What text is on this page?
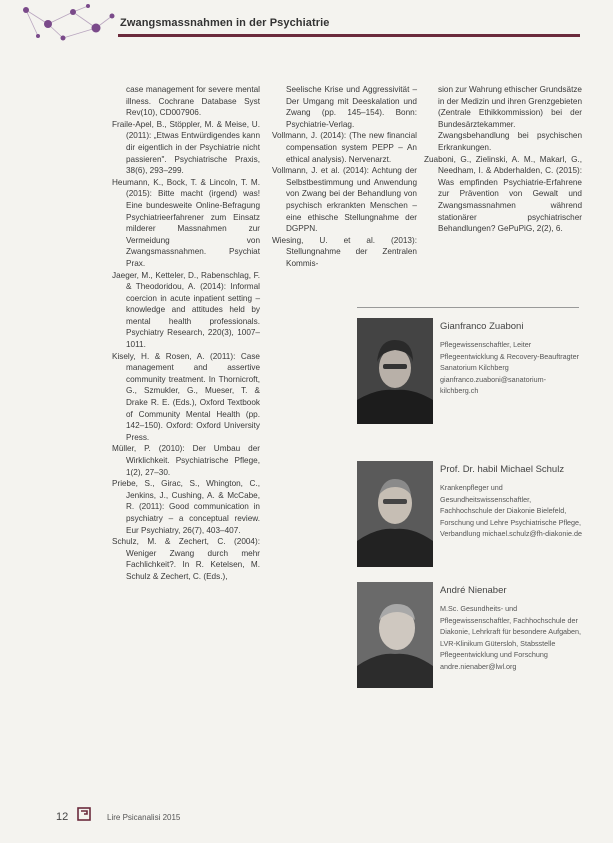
Zwangsmassnahmen in der Psychiatrie

case management for severe mental illness. Cochrane Database Syst Rev(10), CD007906.

Fraile-Apel, B., Stöppler, M. & Meise, U. (2011): „Etwas Entwürdigendes kann dir eigentlich in der Psychiatrie nicht passieren". Psychiatrische Praxis, 38(6), 293–299.

Heumann, K., Bock, T. & Lincoln, T. M. (2015): Bitte macht (irgend) was! Eine bundesweite Online-Befragung Psychiatrieerfahrener zum Einsatz milderer Massnahmen zur Vermeidung von Zwangsmassnahmen. Psychiat Prax.

Jaeger, M., Ketteler, D., Rabenschlag, F. & Theodoridou, A. (2014): Informal coercion in acute inpatient setting – knowledge and attitudes held by mental health professionals. Psychiatry Research, 220(3), 1007–1011.

Kisely, H. & Rosen, A. (2011): Case management and assertive community treatment. In Thornicroft, G., Szmukler, G., Mueser, T. & Drake R. E. (Eds.), Oxford Textbook of Community Mental Health (pp. 142–150). Oxford: Oxford University Press.

Müller, P. (2010): Der Umbau der Wirklichkeit. Psychiatrische Pflege, 1(2), 27–30.

Priebe, S., Giraс, S., Whington, C., Jenkins, J., Cushing, A. & McCabe, R. (2011): Good communication in psychiatry – a conceptual review. Eur Psychiatry, 26(7), 403–407.

Schulz, M. & Zechert, C. (2004): Weniger Zwang durch mehr Fachlichkeit?. In R. Ketelsen, M. Schulz & Zechert, C. (Eds.),

Seelische Krise und Aggressivität – Der Umgang mit Deeskalation und Zwang (pp. 145–154). Bonn: Psychiatrie-Verlag.

Vollmann, J. (2014): (The new financial compensation system PEPP – An ethical analysis). Nervenarzt.

Vollmann, J. et al. (2014): Achtung der Selbstbestimmung und Anwendung von Zwang bei der Behandlung von psychisch erkrankten Menschen – eine ethische Stellungnahme der DGPPN.

Wiesing, U. et al. (2013): Stellungnahme der Zentralen Kommis-

sion zur Wahrung ethischer Grundsätze in der Medizin und ihren Grenzgebieten (Zentrale Ethikkommission) bei der Bundesärztekammer. Zwangsbehandlung bei psychischen Erkrankungen.

Zuaboni, G., Zielinski, A. M., Makarl, G., Needham, I. & Abderhalden, C. (2015): Was empfinden Psychiatrie-Erfahrene zur Prävention von Gewalt und Zwangsmassnahmen während stationärer psychiatrischer Behandlungen? GePuPiG, 2(2), 6.

Gianfranco Zuaboni
Pflegewissenschaftler, Leiter Pflegeentwicklung & Recovery-Beauftragter Sanatorium Kilchberg gianfranco.zuaboni@sanatorium-kilchberg.ch
Prof. Dr. habil Michael Schulz
Krankenpfleger und Gesundheitswissenschaftler, Fachhochschule der Diakonie Bielefeld, Forschung und Lehre Psychiatrische Pflege, Verbandlung michael.schulz@fh-diakonie.de
André Nienaber
M.Sc. Gesundheits- und Pflegewissenschaftler, Fachhochschule der Diakonie, Lehrkraft für besondere Aufgaben, LVR-Klinikum Gütersloh, Stabsstelle Pflegeentwicklung und Forschung andre.nienaber@lwl.org
12	Lire Psicanalisi 2015
